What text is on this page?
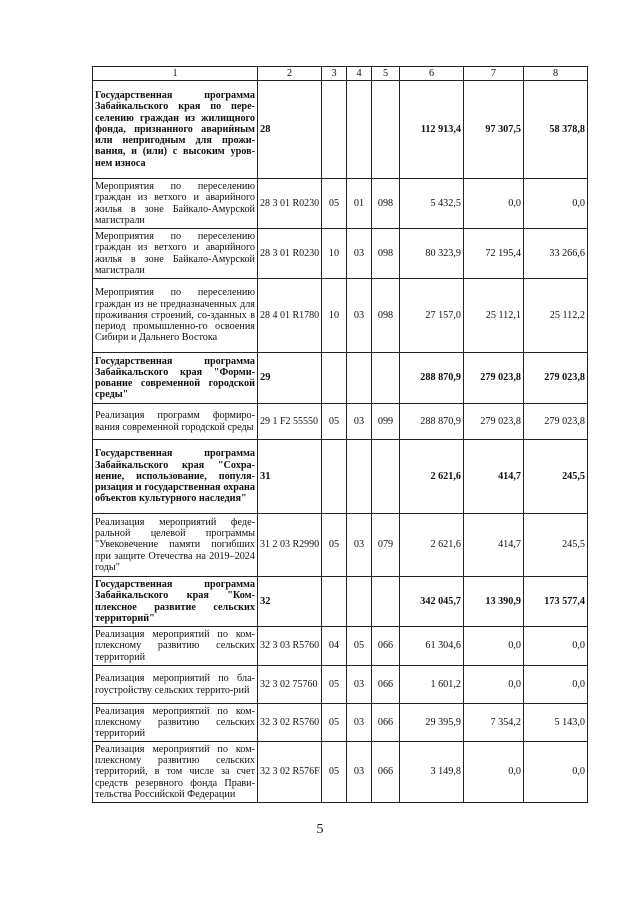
1	2	3	4	5	6	7	8
Государственная программа Забайкальского края по пере-селению граждан из жилищного фонда, признанного аварийным или непригодным для прожи-вания, и (или) с высоким уров-нем износа	28				112 913,4	97 307,5	58 378,8
Мероприятия по переселению граждан из ветхого и аварийного жилья в зоне Байкало-Амурской магистрали	28 3 01 R0230	05	01	098	5 432,5	0,0	0,0
Мероприятия по переселению граждан из ветхого и аварийного жилья в зоне Байкало-Амурской магистрали	28 3 01 R0230	10	03	098	80 323,9	72 195,4	33 266,6
Мероприятия по переселению граждан из не предназначенных для проживания строений, со-зданных в период промышленно-го освоения Сибири и Дальнего Востока	28 4 01 R1780	10	03	098	27 157,0	25 112,1	25 112,2
Государственная программа Забайкальского края "Форми-рование современной городской среды"	29				288 870,9	279 023,8	279 023,8
Реализация программ формиро-вания современной городской среды	29 1 F2 55550	05	03	099	288 870,9	279 023,8	279 023,8
Государственная программа Забайкальского края "Сохра-нение, использование, популя-ризация и государственная охрана объектов культурного наследия"	31				2 621,6	414,7	245,5
Реализация мероприятий феде-ральной целевой программы "Увековечение памяти погибших при защите Отечества на 2019–2024 годы"	31 2 03 R2990	05	03	079	2 621,6	414,7	245,5
Государственная программа Забайкальского края "Ком-плексное развитие сельских территорий"	32				342 045,7	13 390,9	173 577,4
Реализация мероприятий по ком-плексному развитию сельских территорий	32 3 03 R5760	04	05	066	61 304,6	0,0	0,0
Реализация мероприятий по бла-гоустройству сельских террито-рий	32 3 02 75760	05	03	066	1 601,2	0,0	0,0
Реализация мероприятий по ком-плексному развитию сельских территорий	32 3 02 R5760	05	03	066	29 395,9	7 354,2	5 143,0
Реализация мероприятий по ком-плексному развитию сельских территорий, в том числе за счет средств резервного фонда Прави-тельства Российской Федерации	32 3 02 R576F	05	03	066	3 149,8	0,0	0,0
5
